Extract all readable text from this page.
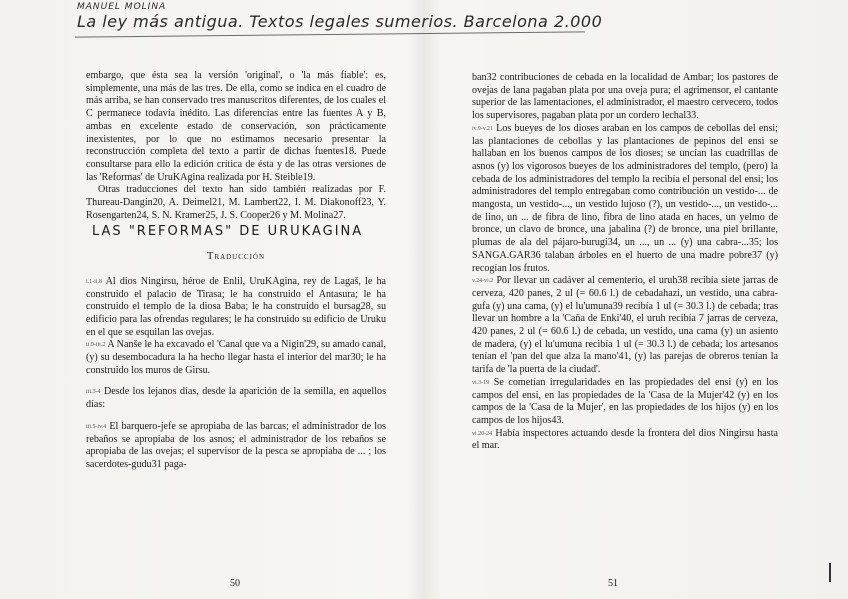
MANUEL MOLINA
La ley más antigua. Textos legales sumerios. Barcelona 2.000

embargo, que ésta sea la versión 'original', o 'la más fiable': es, simplemente, una más de las tres. De ella, como se indica en el cuadro de más arriba, se han conservado tres manuscritos diferentes, de los cuales el C permanece todavía inédito. Las diferencias entre las fuentes A y B, ambas en excelente estado de conservación, son prácticamente inexistentes, por lo que no estimamos necesario presentar la reconstrucción completa del texto a partir de dichas fuentes18. Puede consultarse para ello la edición crítica de ésta y de las otras versiones de las 'Reformas' de UruKAgina realizada por H. Steible19.

Otras traducciones del texto han sido también realizadas por F. Thureau-Dangin20, A. Deimel21, M. Lambert22, I. M. Diakonoff23, Y. Rosengarten24, S. N. Kramer25, J. S. Cooper26 y M. Molina27.

LAS "REFORMAS" DE URUKAGINA
Traducción

i.1-ii.8 Al dios Ningirsu, héroe de Enlil, UruKAgina, rey de Lagaš, le ha construido el palacio de Tirasa; le ha construido el Antasura; le ha construido el templo de la diosa Baba; le ha construido el bursag28, su edificio para las ofrendas regulares; le ha construido su edificio de Uruku en el que se esquilan las ovejas.

ii.9-iii.2 A Nanše le ha excavado el 'Canal que va a Nigin'29, su amado canal, (y) su desembocadura la ha hecho llegar hasta el interior del mar30; le ha construido los muros de Girsu.

iii.3-4 Desde los lejanos días, desde la aparición de la semilla, en aquellos días:

iii.5-iv.4 El barquero-jefe se apropiaba de las barcas; el administrador de los rebaños se apropiaba de los asnos; el administrador de los rebaños se apropiaba de las ovejas; el supervisor de la pesca se apropiaba de ... ; los sacerdotes-gudu31 paga-

50

ban32 contribuciones de cebada en la localidad de Ambar; los pastores de ovejas de lana pagaban plata por una oveja pura; el agrimensor, el cantante superior de las lamentaciones, el administrador, el maestro cervecero, todos los supervisores, pagaban plata por un cordero lechal33.

iv.9-v.21 Los bueyes de los dioses araban en los campos de cebollas del ensi; las plantaciones de cebollas y las plantaciones de pepinos del ensi se hallaban en los buenos campos de los dioses; se uncían las cuadrillas de asnos (y) los vigorosos bueyes de los administradores del templo, (pero) la cebada de los administradores del templo la recibía el personal del ensi; los administradores del templo entregaban como contribución un vestido-... de mangosta, un vestido-..., un vestido lujoso (?), un vestido-..., un vestido-... de lino, un ... de fibra de lino, fibra de lino atada en haces, un yelmo de bronce, un clavo de bronce, una jabalina (?) de bronce, una piel brillante, plumas de ala del pájaro-burugi34, un ..., un ... (y) una cabra-...35; los SANGA.GAR36 talaban árboles en el huerto de una madre pobre37 (y) recogían los frutos.

v.24-vi.2 Por llevar un cadáver al cementerio, el uruh38 recibía siete jarras de cerveza, 420 panes, 2 ul (= 60.6 l.) de cebadahazi, un vestido, una cabra-gufa (y) una cama, (y) el lu'umuna39 recibía 1 ul (= 30.3 l.) de cebada; tras llevar un hombre a la 'Caña de Enki'40, el uruh recibía 7 jarras de cerveza, 420 panes, 2 ul (= 60.6 l.) de cebada, un vestido, una cama (y) un asiento de madera, (y) el lu'umuna recibía 1 ul (= 30.3 l.) de cebada; los artesanos tenían el 'pan del que alza la mano'41, (y) las parejas de obreros tenían la tarifa de 'la puerta de la ciudad'.

vi.3-19 Se cometían irregularidades en las propiedades del ensi (y) en los campos del ensi, en las propiedades de la 'Casa de la Mujer'42 (y) en los campos de la 'Casa de la Mujer', en las propiedades de los hijos (y) en los campos de los hijos43.

vi.20-24 Había inspectores actuando desde la frontera del dios Ningirsu hasta el mar.

51
